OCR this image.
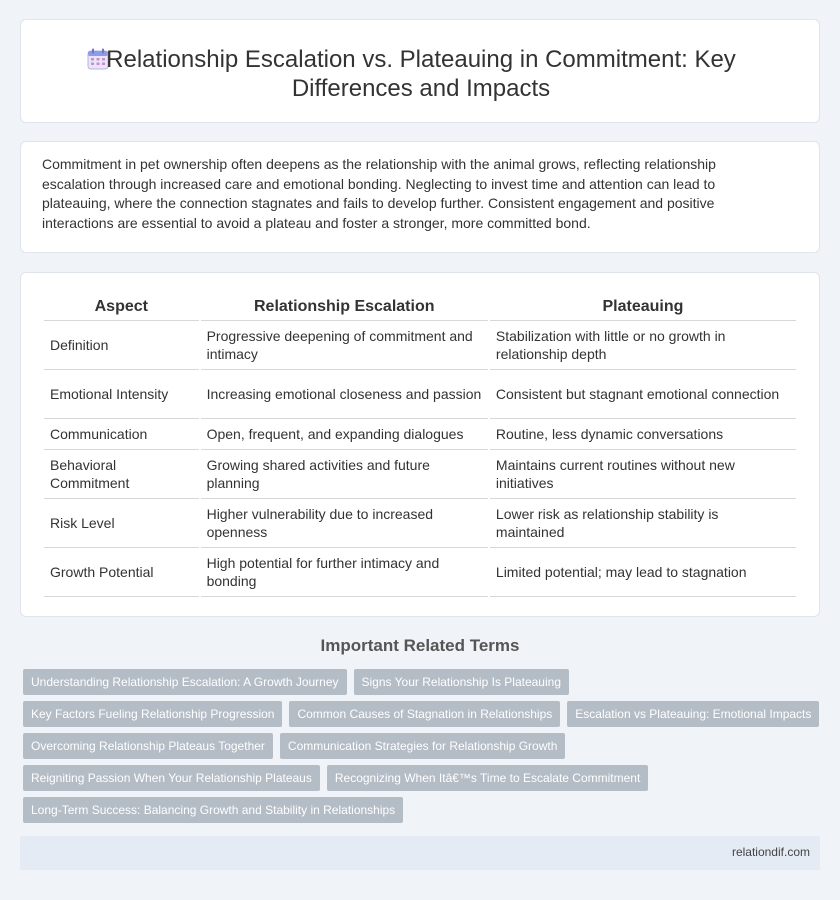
Relationship Escalation vs. Plateauing in Commitment: Key Differences and Impacts

Commitment in pet ownership often deepens as the relationship with the animal grows, reflecting relationship escalation through increased care and emotional bonding. Neglecting to invest time and attention can lead to plateauing, where the connection stagnates and fails to develop further. Consistent engagement and positive interactions are essential to avoid a plateau and foster a stronger, more committed bond.

Aspect	Relationship Escalation	Plateauing
Definition	Progressive deepening of commitment and intimacy	Stabilization with little or no growth in relationship depth
Emotional Intensity	Increasing emotional closeness and passion	Consistent but stagnant emotional connection
Communication	Open, frequent, and expanding dialogues	Routine, less dynamic conversations
Behavioral Commitment	Growing shared activities and future planning	Maintains current routines without new initiatives
Risk Level	Higher vulnerability due to increased openness	Lower risk as relationship stability is maintained
Growth Potential	High potential for further intimacy and bonding	Limited potential; may lead to stagnation
Important Related Terms
Understanding Relationship Escalation: A Growth Journey	Signs Your Relationship Is Plateauing
Key Factors Fueling Relationship Progression	Common Causes of Stagnation in Relationships	Escalation vs Plateauing: Emotional Impacts
Overcoming Relationship Plateaus Together	Communication Strategies for Relationship Growth
Reigniting Passion When Your Relationship Plateaus	Recognizing When Itâ€™s Time to Escalate Commitment
Long-Term Success: Balancing Growth and Stability in Relationships
relationdif.com
